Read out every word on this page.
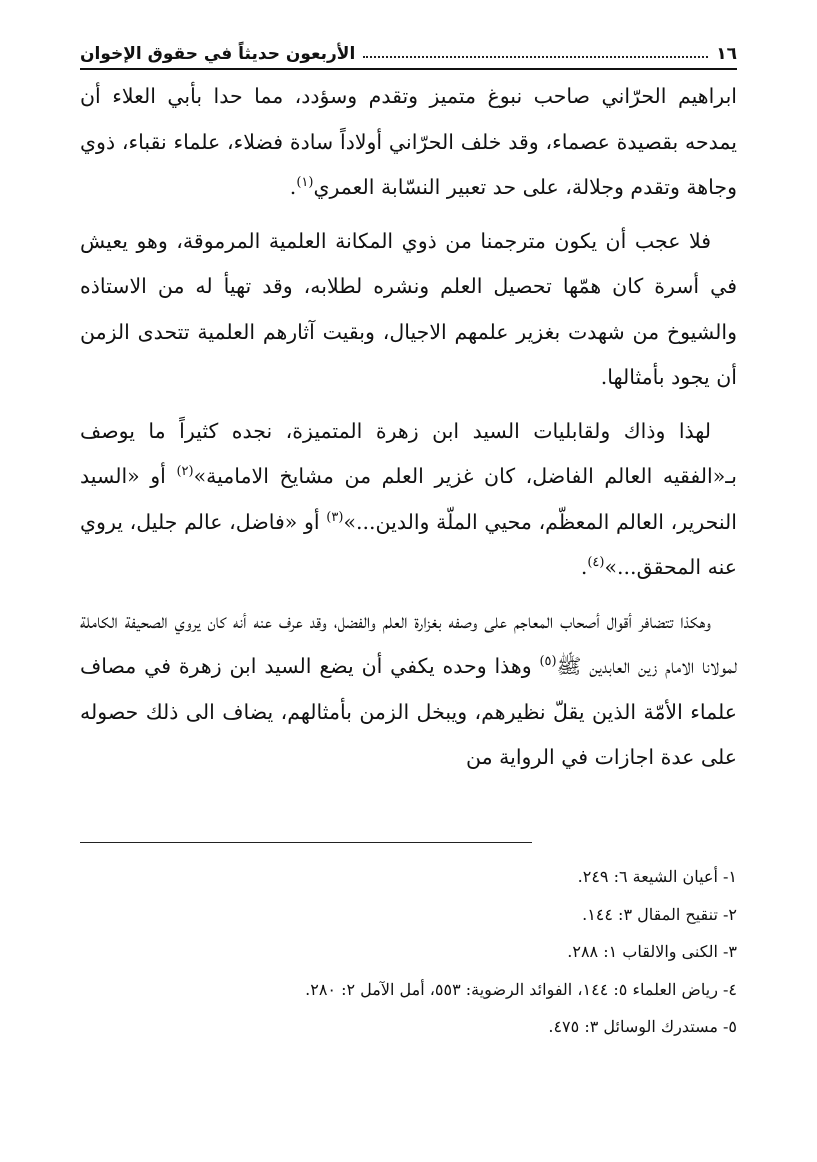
١٦
الأربعون حديثاً في حقوق الإخوان

ابراهيم الحرّاني صاحب نبوغ متميز وتقدم وسؤدد، مما حدا بأبي العلاء أن يمدحه بقصيدة عصماء، وقد خلف الحرّاني أولاداً سادة فضلاء، علماء نقباء، ذوي وجاهة وتقدم وجلالة، على حد تعبير النسّابة العمري$^{(١)}$.

فلا عجب أن يكون مترجمنا من ذوي المكانة العلمية المرموقة، وهو يعيش في أسرة كان همّها تحصيل العلم ونشره لطلابه، وقد تهيأ له من الاستاذه والشيوخ من شهدت بغزير علمهم الاجيال، وبقيت آثارهم العلمية تتحدى الزمن أن يجود بأمثالها.

لهذا وذاك ولقابليات السيد ابن زهرة المتميزة، نجده كثيراً ما يوصف بـ«الفقيه العالم الفاضل، كان غزير العلم من مشايخ الامامية»$^{(٢)}$ أو «السيد النحرير، العالم المعظّم، محيي الملّة والدين...»$^{(٣)}$ أو «فاضل، عالم جليل، يروي عنه المحقق...»$^{(٤)}$.

وهكذا تتضافر أقوال أصحاب المعاجم على وصفه بغزارة العلم والفضل، وقد عرف عنه أنه كان يروي الصحيفة الكاملة لمولانا الامام زين العابدين ﷺ$^{(٥)}$ وهذا وحده يكفي أن يضع السيد ابن زهرة في مصاف علماء الأمّة الذين يقلّ نظيرهم، ويبخل الزمن بأمثالهم، يضاف الى ذلك حصوله على عدة اجازات في الرواية من

١- أعيان الشيعة ٦: ٢٤٩.
٢- تنقيح المقال ٣: ١٤٤.
٣- الكنى والالقاب ١: ٢٨٨.
٤- رياض العلماء ٥: ١٤٤، الفوائد الرضوية: ٥٥٣، أمل الآمل ٢: ٢٨٠.
٥- مستدرك الوسائل ٣: ٤٧٥.
